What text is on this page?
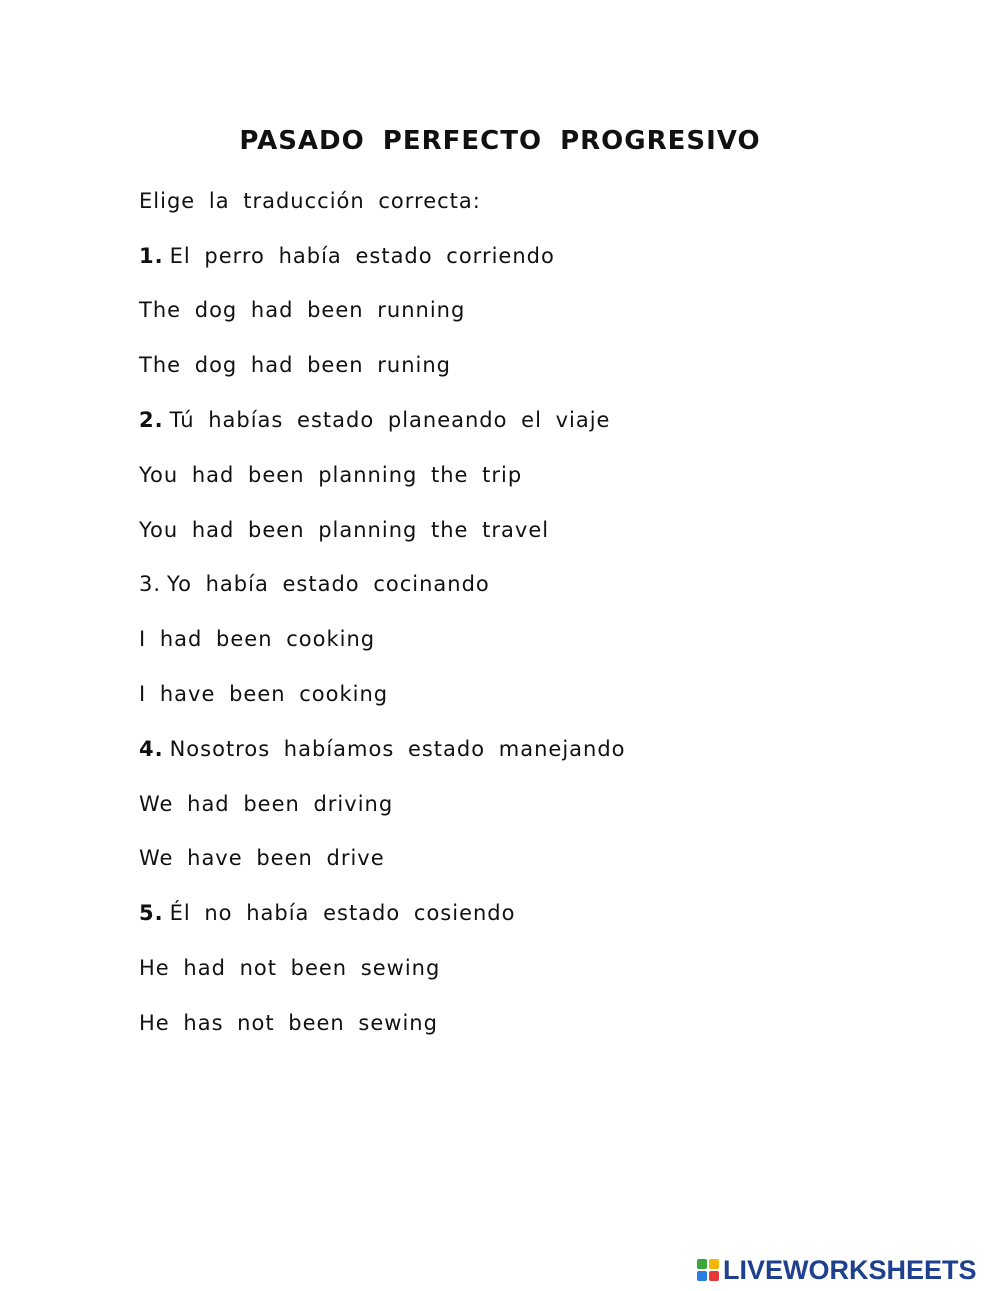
PASADO PERFECTO PROGRESIVO
Elige la traducción correcta:
1. El perro había estado corriendo
The dog had been running
The dog had been runing
2. Tú habías estado planeando el viaje
You had been planning the trip
You had been planning the travel
3. Yo había estado cocinando
I had been cooking
I have been cooking
4. Nosotros habíamos estado manejando
We had been driving
We have been drive
5. Él no había estado cosiendo
He had not been sewing
He has not been sewing
LIVEWORKSHEETS
